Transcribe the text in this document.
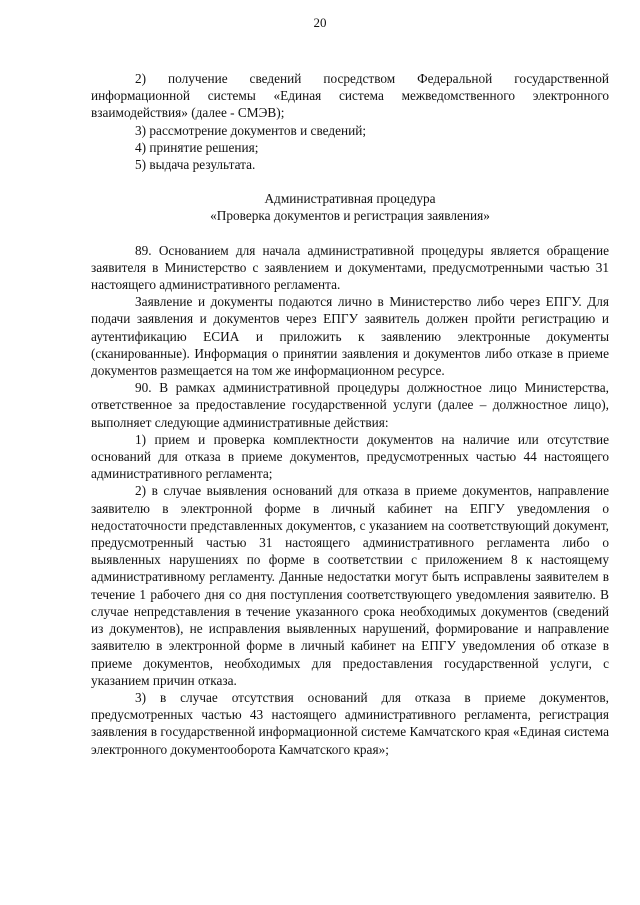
20

2) получение сведений посредством Федеральной государственной информационной системы «Единая система межведомственного электронного взаимодействия» (далее - СМЭВ);

3) рассмотрение документов и сведений;

4) принятие решения;

5) выдача результата.

Административная процедура

«Проверка документов и регистрация заявления»

89. Основанием для начала административной процедуры является обращение заявителя в Министерство с заявлением и документами, предусмотренными частью 31 настоящего административного регламента.

Заявление и документы подаются лично в Министерство либо через ЕПГУ. Для подачи заявления и документов через ЕПГУ заявитель должен пройти регистрацию и аутентификацию ЕСИА и приложить к заявлению электронные документы (сканированные). Информация о принятии заявления и документов либо отказе в приеме документов размещается на том же информационном ресурсе.

90. В рамках административной процедуры должностное лицо Министерства, ответственное за предоставление государственной услуги (далее – должностное лицо), выполняет следующие административные действия:

1) прием и проверка комплектности документов на наличие или отсутствие оснований для отказа в приеме документов, предусмотренных частью 44 настоящего административного регламента;

2) в случае выявления оснований для отказа в приеме документов, направление заявителю в электронной форме в личный кабинет на ЕПГУ уведомления о недостаточности представленных документов, с указанием на соответствующий документ, предусмотренный частью 31 настоящего административного регламента либо о выявленных нарушениях по форме в соответствии с приложением 8 к настоящему административному регламенту. Данные недостатки могут быть исправлены заявителем в течение 1 рабочего дня со дня поступления соответствующего уведомления заявителю. В случае непредставления в течение указанного срока необходимых документов (сведений из документов), не исправления выявленных нарушений, формирование и направление заявителю в электронной форме в личный кабинет на ЕПГУ уведомления об отказе в приеме документов, необходимых для предоставления государственной услуги, с указанием причин отказа.

3) в случае отсутствия оснований для отказа в приеме документов, предусмотренных частью 43 настоящего административного регламента, регистрация заявления в государственной информационной системе Камчатского края «Единая система электронного документооборота Камчатского края»;
